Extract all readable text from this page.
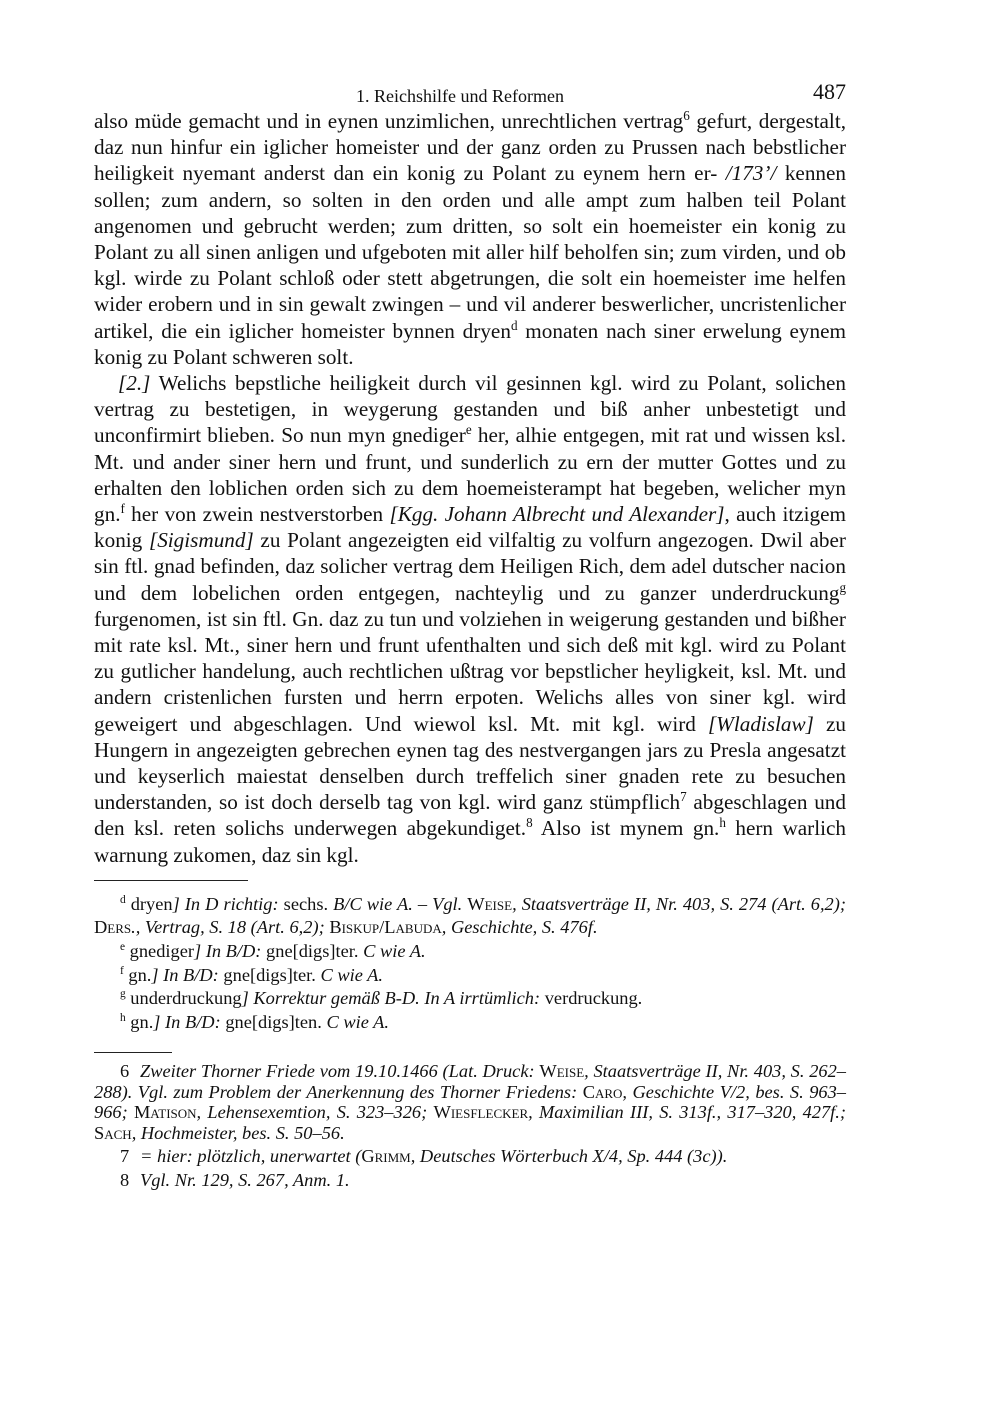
1. Reichshilfe und Reformen	487

also müde gemacht und in eynen unzimlichen, unrechtlichen vertrag$^6$ gefurt, dergestalt, daz nun hinfur ein iglicher homeister und der ganz orden zu Prussen nach bebstlicher heiligkeit nyemant anderst dan ein konig zu Polant zu eynem hern er- /173’/ kennen sollen; zum andern, so solten in den orden und alle ampt zum halben teil Polant angenomen und gebrucht werden; zum dritten, so solt ein hoemeister ein konig zu Polant zu all sinen anligen und ufgeboten mit aller hilf beholfen sin; zum virden, und ob kgl. wirde zu Polant schloß oder stett abgetrungen, die solt ein hoemeister ime helfen wider erobern und in sin gewalt zwingen – und vil anderer beswerlicher, uncristenlicher artikel, die ein iglicher homeister bynnen dryen$^d$ monaten nach siner erwelung eynem konig zu Polant schweren solt.

[2.] Welichs bepstliche heiligkeit durch vil gesinnen kgl. wird zu Polant, solichen vertrag zu bestetigen, in weygerung gestanden und biß anher unbestetigt und unconfirmirt blieben. So nun myn gnediger$^e$ her, alhie entgegen, mit rat und wissen ksl. Mt. und ander siner hern und frunt, und sunderlich zu ern der mutter Gottes und zu erhalten den loblichen orden sich zu dem hoemeisterampt hat begeben, welicher myn gn.$^f$ her von zwein nestverstorben [Kgg. Johann Albrecht und Alexander], auch itzigem konig [Sigismund] zu Polant angezeigten eid vilfaltig zu volfurn angezogen. Dwil aber sin ftl. gnad befinden, daz solicher vertrag dem Heiligen Rich, dem adel dutscher nacion und dem lobelichen orden entgegen, nachteylig und zu ganzer underdruckung$^g$ furgenomen, ist sin ftl. Gn. daz zu tun und volziehen in weigerung gestanden und bißher mit rate ksl. Mt., siner hern und frunt ufenthalten und sich deß mit kgl. wird zu Polant zu gutlicher handelung, auch rechtlichen ußtrag vor bepstlicher heyligkeit, ksl. Mt. und andern cristenlichen fursten und herrn erpoten. Welichs alles von siner kgl. wird geweigert und abgeschlagen. Und wiewol ksl. Mt. mit kgl. wird [Wladislaw] zu Hungern in angezeigten gebrechen eynen tag des nestvergangen jars zu Presla angesatzt und keyserlich maiestat denselben durch treffelich siner gnaden rete zu besuchen understanden, so ist doch derselb tag von kgl. wird ganz stümpflich$^7$ abgeschlagen und den ksl. reten solichs underwegen abgekundiget.$^8$ Also ist mynem gn.$^h$ hern warlich warnung zukomen, daz sin kgl.

$^d$ dryen] In D richtig: sechs. B/C wie A. – Vgl. Weise, Staatsverträge II, Nr. 403, S. 274 (Art. 6,2); Ders., Vertrag, S. 18 (Art. 6,2); Biskup/Labuda, Geschichte, S. 476f.
$^e$ gnediger] In B/D: gne[digs]ter. C wie A.
$^f$ gn.] In B/D: gne[digs]ter. C wie A.
$^g$ underdruckung] Korrektur gemäß B-D. In A irrtümlich: verdruckung.
$^h$ gn.] In B/D: gne[digs]ten. C wie A.
6 Zweiter Thorner Friede vom 19.10.1466 (Lat. Druck: Weise, Staatsverträge II, Nr. 403, S. 262–288). Vgl. zum Problem der Anerkennung des Thorner Friedens: Caro, Geschichte V/2, bes. S. 963–966; Matison, Lehensexemtion, S. 323–326; Wiesflecker, Maximilian III, S. 313f., 317–320, 427f.; Sach, Hochmeister, bes. S. 50–56.
7 = hier: plötzlich, unerwartet (Grimm, Deutsches Wörterbuch X/4, Sp. 444 (3c)).
8 Vgl. Nr. 129, S. 267, Anm. 1.
